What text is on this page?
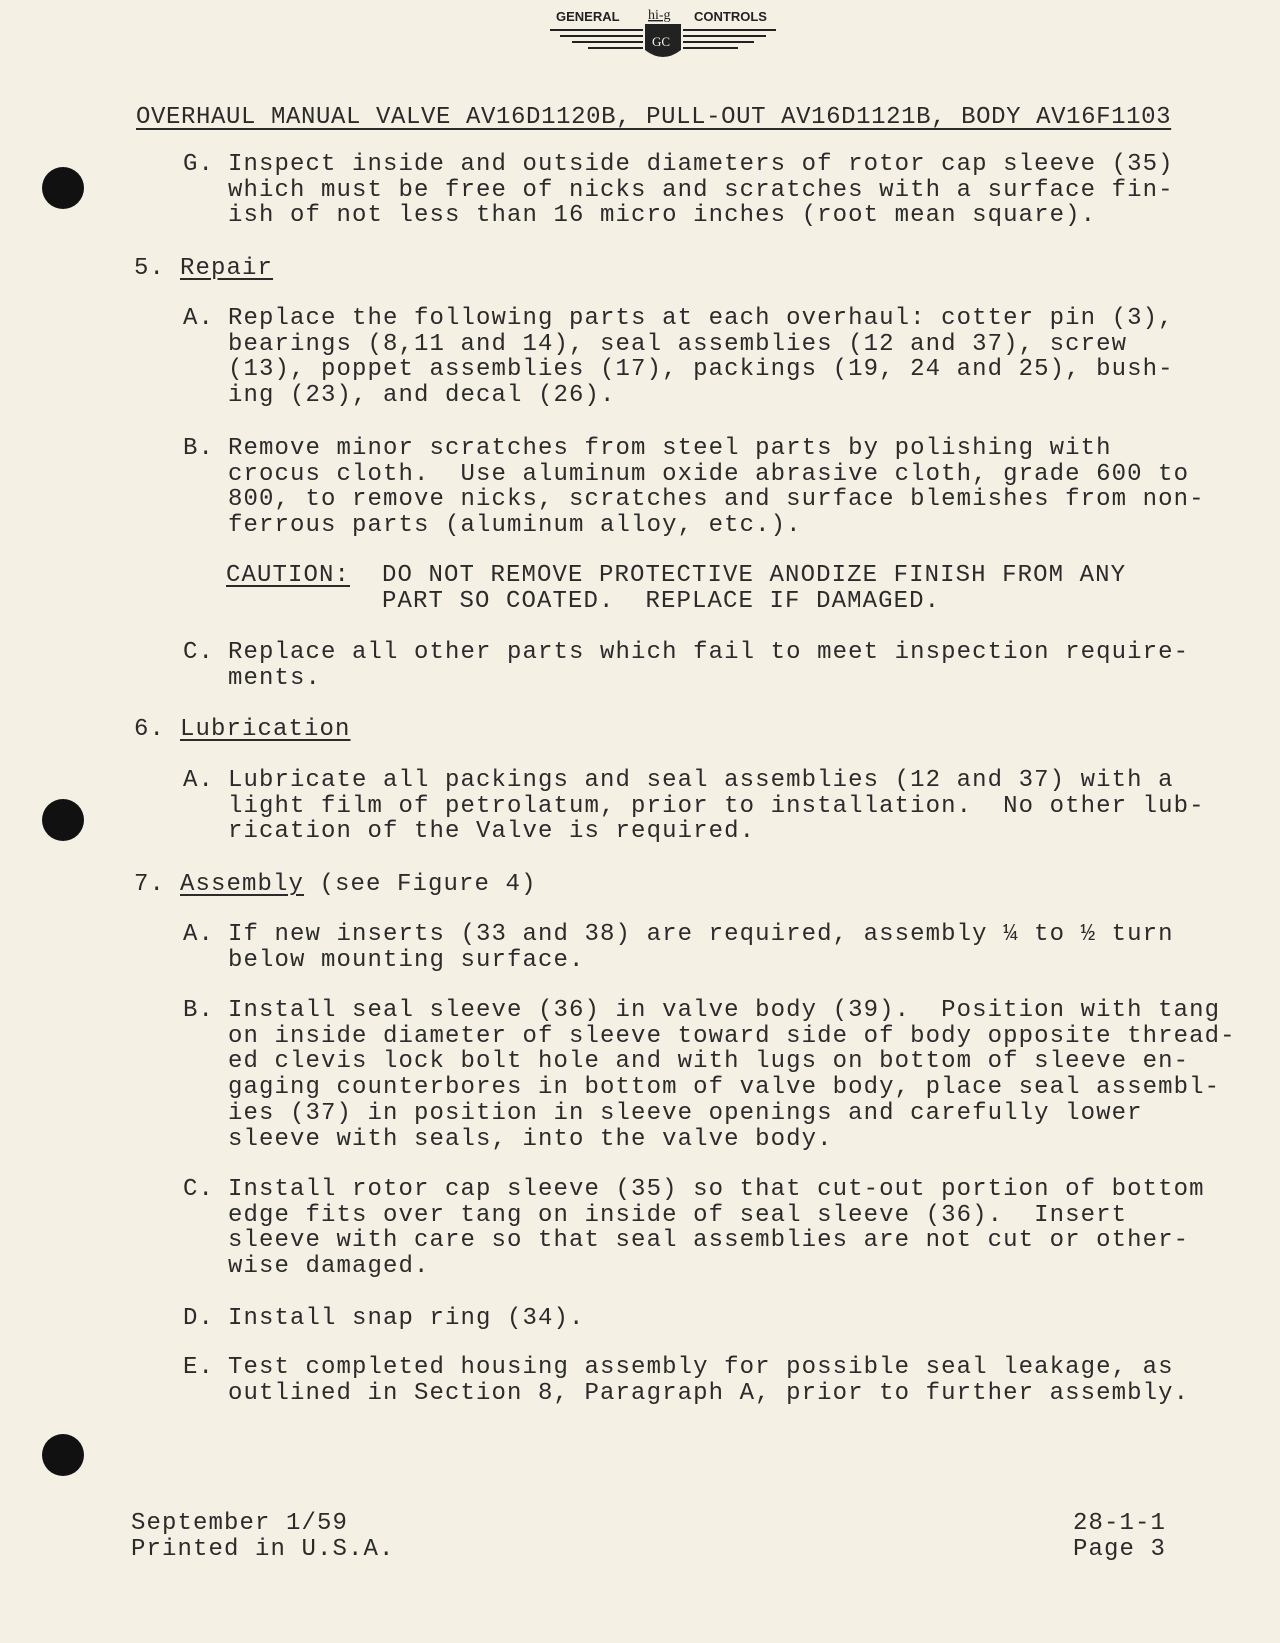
GENERAL	CONTROLS
hi-g
GC
OVERHAUL MANUAL VALVE AV16D1120B, PULL-OUT AV16D1121B, BODY AV16F1103
G. Inspect inside and outside diameters of rotor cap sleeve (35)
which must be free of nicks and scratches with a surface fin-
ish of not less than 16 micro inches (root mean square).
5. Repair
A. Replace the following parts at each overhaul: cotter pin (3),
bearings (8,11 and 14), seal assemblies (12 and 37), screw
(13), poppet assemblies (17), packings (19, 24 and 25), bush-
ing (23), and decal (26).
B. Remove minor scratches from steel parts by polishing with
crocus cloth.  Use aluminum oxide abrasive cloth, grade 600 to
800, to remove nicks, scratches and surface blemishes from non-
ferrous parts (aluminum alloy, etc.).
CAUTION: DO NOT REMOVE PROTECTIVE ANODIZE FINISH FROM ANY
PART SO COATED.  REPLACE IF DAMAGED.
C. Replace all other parts which fail to meet inspection require-
ments.
6. Lubrication
A. Lubricate all packings and seal assemblies (12 and 37) with a
light film of petrolatum, prior to installation.  No other lub-
rication of the Valve is required.
7. Assembly (see Figure 4)
A. If new inserts (33 and 38) are required, assembly ¼ to ½ turn
below mounting surface.
B. Install seal sleeve (36) in valve body (39).  Position with tang
on inside diameter of sleeve toward side of body opposite thread-
ed clevis lock bolt hole and with lugs on bottom of sleeve en-
gaging counterbores in bottom of valve body, place seal assembl-
ies (37) in position in sleeve openings and carefully lower
sleeve with seals, into the valve body.
C. Install rotor cap sleeve (35) so that cut-out portion of bottom
edge fits over tang on inside of seal sleeve (36).  Insert
sleeve with care so that seal assemblies are not cut or other-
wise damaged.
D. Install snap ring (34).
E. Test completed housing assembly for possible seal leakage, as
outlined in Section 8, Paragraph A, prior to further assembly.
September 1/59
Printed in U.S.A.
28-1-1
Page 3
